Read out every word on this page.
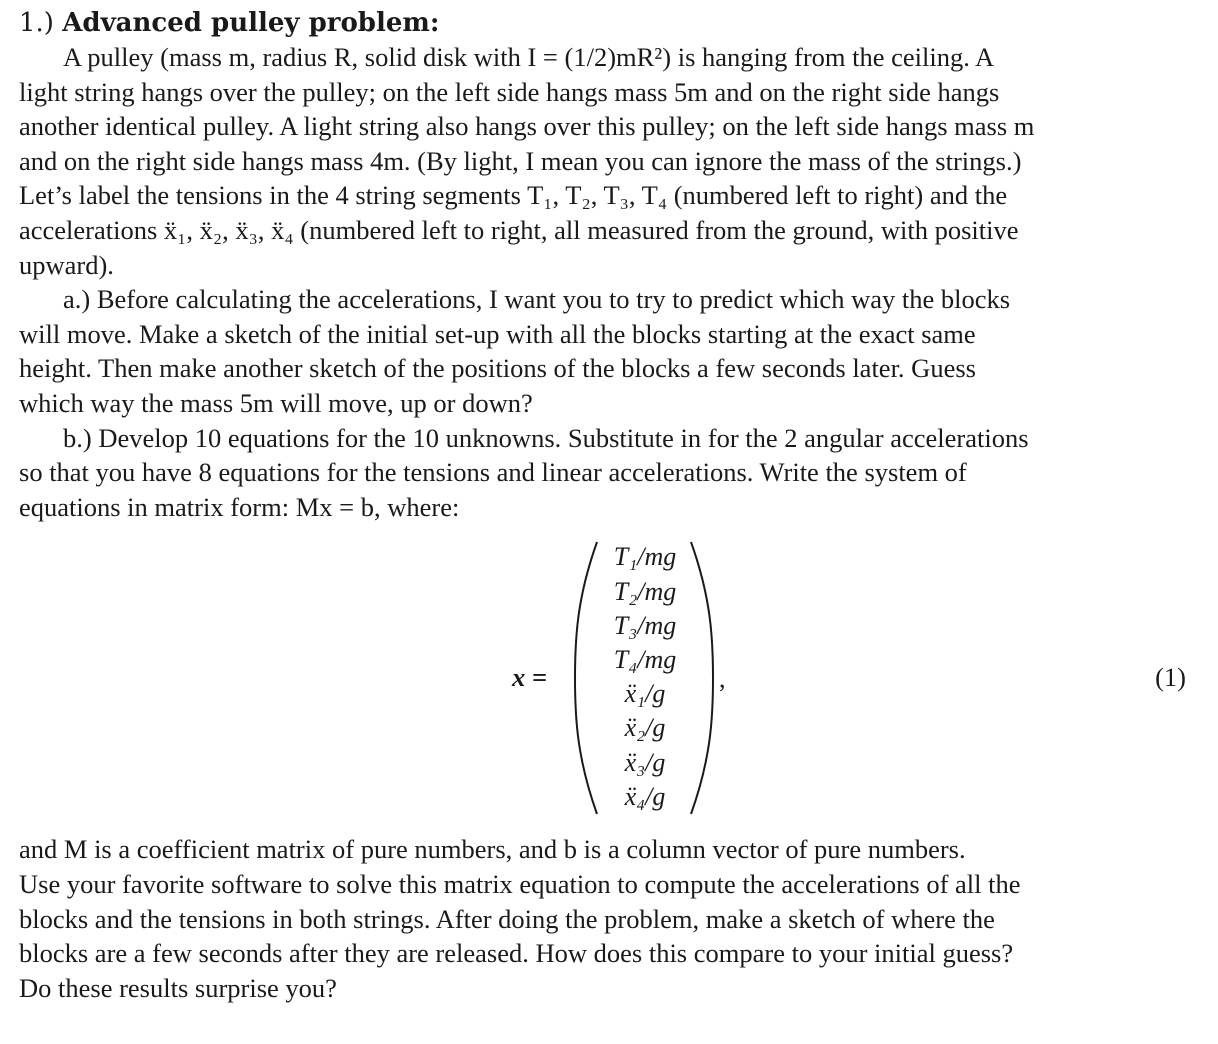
1.) Advanced pulley problem:

A pulley (mass m, radius R, solid disk with I = (1/2)mR²) is hanging from the ceiling. A

light string hangs over the pulley; on the left side hangs mass 5m and on the right side hangs

another identical pulley. A light string also hangs over this pulley; on the left side hangs mass m

and on the right side hangs mass 4m. (By light, I mean you can ignore the mass of the strings.)

Let’s label the tensions in the 4 string segments T₁, T₂, T₃, T₄ (numbered left to right) and the

accelerations ẍ₁, ẍ₂, ẍ₃, ẍ₄ (numbered left to right, all measured from the ground, with positive

upward).

a.) Before calculating the accelerations, I want you to try to predict which way the blocks

will move. Make a sketch of the initial set-up with all the blocks starting at the exact same

height. Then make another sketch of the positions of the blocks a few seconds later. Guess

which way the mass 5m will move, up or down?

b.) Develop 10 equations for the 10 unknowns. Substitute in for the 2 angular accelerations

so that you have 8 equations for the tensions and linear accelerations. Write the system of

equations in matrix form: Mx = b, where:

x =
T₁/mg
T₂/mg
T₃/mg
T₄/mg
ẍ₁/g
ẍ₂/g
ẍ₃/g
ẍ₄/g
,	(1)

and M is a coefficient matrix of pure numbers, and b is a column vector of pure numbers.

Use your favorite software to solve this matrix equation to compute the accelerations of all the

blocks and the tensions in both strings. After doing the problem, make a sketch of where the

blocks are a few seconds after they are released. How does this compare to your initial guess?

Do these results surprise you?
